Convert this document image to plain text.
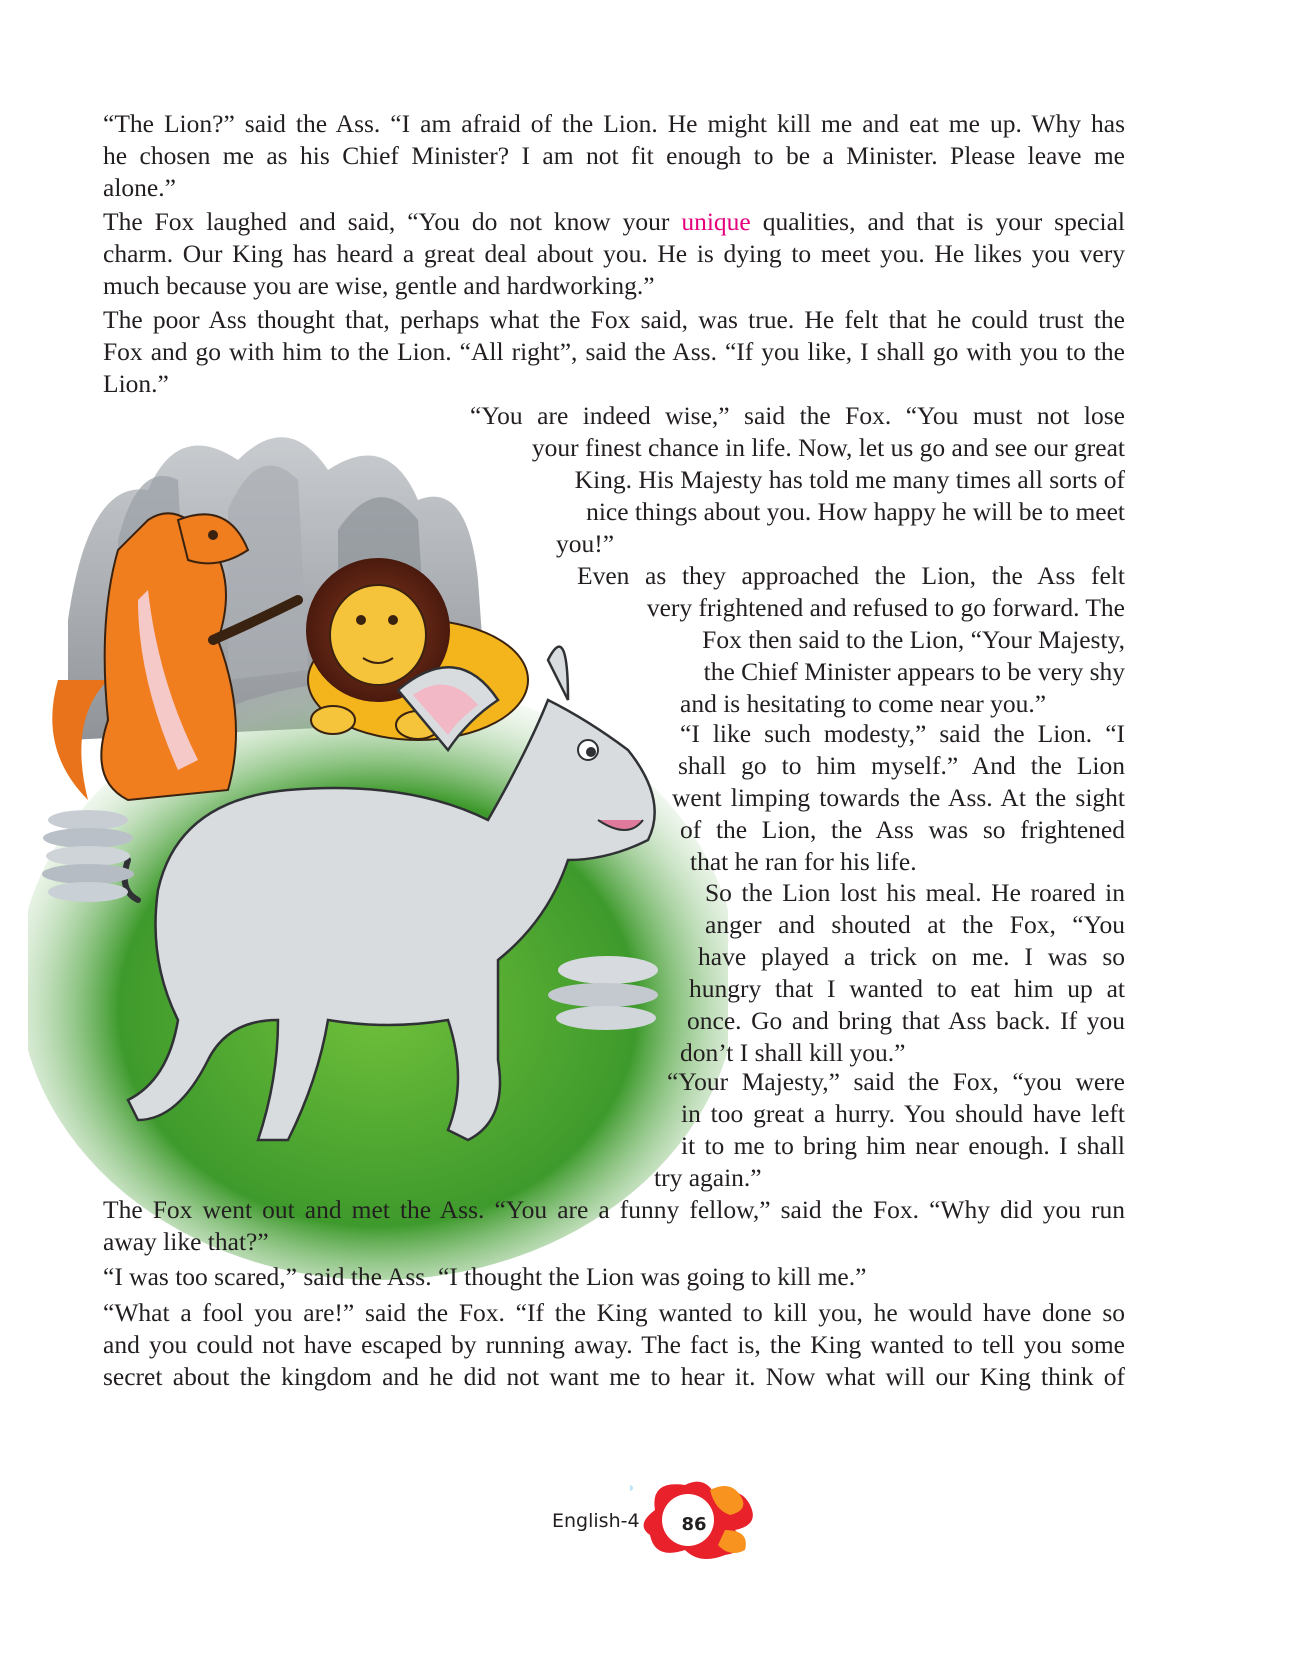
“The Lion?” said the Ass. “I am afraid of the Lion. He might kill me and eat me up. Why has
he chosen me as his Chief Minister? I am not fit enough to be a Minister. Please leave me
alone.”
The Fox laughed and said, “You do not know your unique qualities, and that is your special
charm. Our King has heard a great deal about you. He is dying to meet you. He likes you very
much because you are wise, gentle and hardworking.”
The poor Ass thought that, perhaps what the Fox said, was true. He felt that he could trust the
Fox and go with him to the Lion. “All right”, said the Ass. “If you like, I shall go with you to the
Lion.”
“You are indeed wise,” said the Fox. “You must not lose
your finest chance in life. Now, let us go and see our great
King. His Majesty has told me many times all sorts of
nice things about you. How happy he will be to meet
you!”
Even as they approached the Lion, the Ass felt
very frightened and refused to go forward. The
Fox then said to the Lion, “Your Majesty,
the Chief Minister appears to be very shy
and is hesitating to come near you.”
“I like such modesty,” said the Lion. “I
shall go to him myself.” And the Lion
went limping towards the Ass. At the sight
of the Lion, the Ass was so frightened
that he ran for his life.
So the Lion lost his meal. He roared in
anger and shouted at the Fox, “You
have played a trick on me. I was so
hungry that I wanted to eat him up at
once. Go and bring that Ass back. If you
don’t I shall kill you.”
“Your Majesty,” said the Fox, “you were
in too great a hurry. You should have left
it to me to bring him near enough. I shall
try again.”
The Fox went out and met the Ass. “You are a funny fellow,” said the Fox. “Why did you run
away like that?”
“I was too scared,” said the Ass. “I thought the Lion was going to kill me.”
“What a fool you are!” said the Fox. “If the King wanted to kill you, he would have done so
and you could not have escaped by running away. The fact is, the King wanted to tell you some
secret about the kingdom and he did not want me to hear it. Now what will our King think of
English-4	86
